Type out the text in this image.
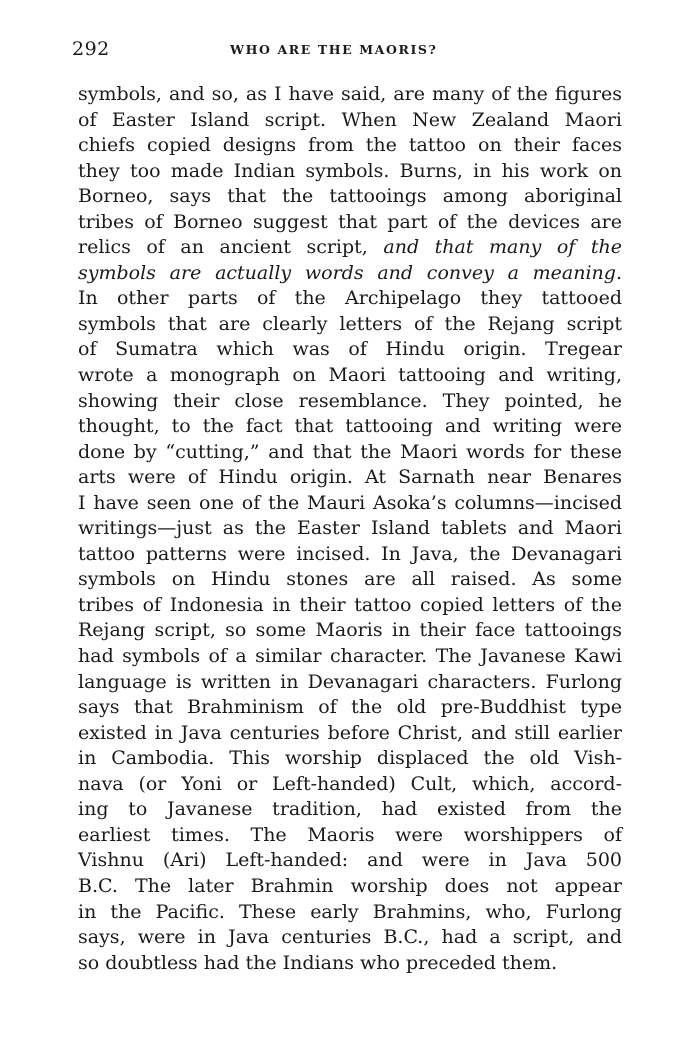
292	WHO ARE THE MAORIS?
symbols, and so, as I have said, are many of the figures
of Easter Island script. When New Zealand Maori
chiefs copied designs from the tattoo on their faces
they too made Indian symbols. Burns, in his work on
Borneo, says that the tattooings among aboriginal
tribes of Borneo suggest that part of the devices are
relics of an ancient script, and that many of the
symbols are actually words and convey a meaning.
In other parts of the Archipelago they tattooed
symbols that are clearly letters of the Rejang script
of Sumatra which was of Hindu origin. Tregear
wrote a monograph on Maori tattooing and writing,
showing their close resemblance. They pointed, he
thought, to the fact that tattooing and writing were
done by “cutting,” and that the Maori words for these
arts were of Hindu origin. At Sarnath near Benares
I have seen one of the Mauri Asoka’s columns—incised
writings—just as the Easter Island tablets and Maori
tattoo patterns were incised. In Java, the Devanagari
symbols on Hindu stones are all raised. As some
tribes of Indonesia in their tattoo copied letters of the
Rejang script, so some Maoris in their face tattooings
had symbols of a similar character. The Javanese Kawi
language is written in Devanagari characters. Furlong
says that Brahminism of the old pre-Buddhist type
existed in Java centuries before Christ, and still earlier
in Cambodia. This worship displaced the old Vish-
nava (or Yoni or Left-handed) Cult, which, accord-
ing to Javanese tradition, had existed from the
earliest times. The Maoris were worshippers of
Vishnu (Ari) Left-handed: and were in Java 500
B.C. The later Brahmin worship does not appear
in the Pacific. These early Brahmins, who, Furlong
says, were in Java centuries B.C., had a script, and
so doubtless had the Indians who preceded them.
